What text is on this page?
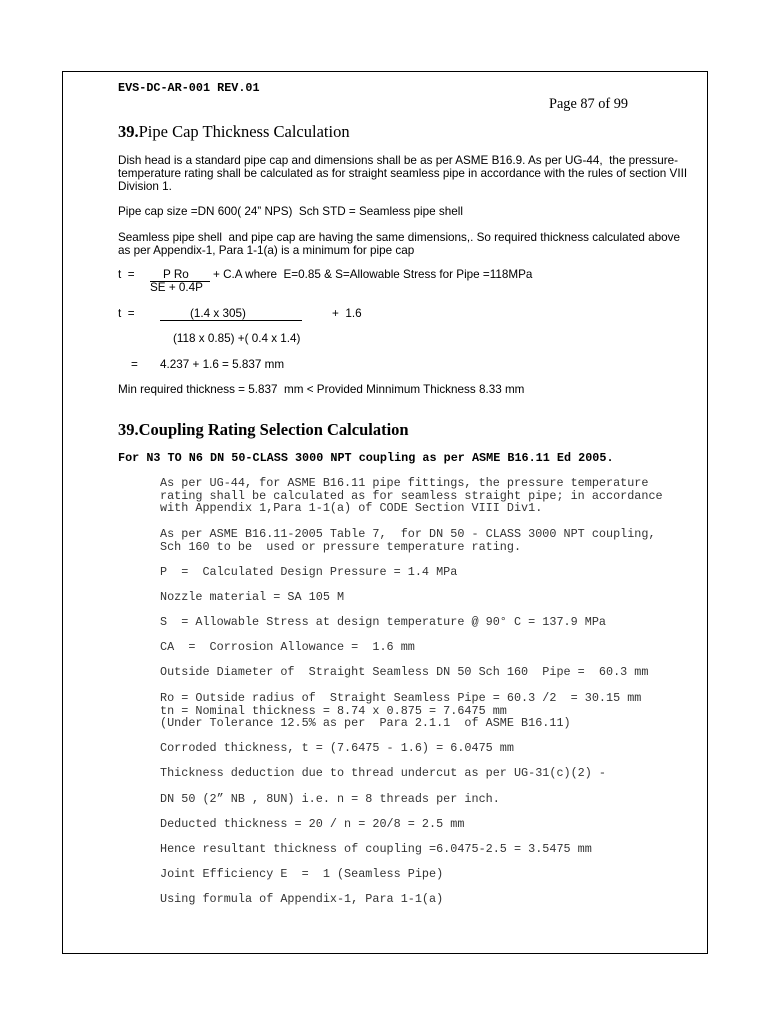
EVS-DC-AR-001 REV.01
Page 87 of 99
39.Pipe Cap Thickness Calculation
Dish head is a standard pipe cap and dimensions shall be as per ASME B16.9. As per UG-44,  the pressure-
temperature rating shall be calculated as for straight seamless pipe in accordance with the rules of section VIII
Division 1.
Pipe cap size =DN 600( 24” NPS)  Sch STD = Seamless pipe shell
Seamless pipe shell  and pipe cap are having the same dimensions,. So required thickness calculated above
as per Appendix-1, Para 1-1(a) is a minimum for pipe cap
t  =	P Ro
SE + 0.4P
+ C.A where  E=0.85 & S=Allowable Stress for Pipe =118MPa
t  =	(1.4 x 305)	+  1.6
(118 x 0.85) +( 0.4 x 1.4)
= 4.237 + 1.6 = 5.837 mm
Min required thickness = 5.837  mm < Provided Minnimum Thickness 8.33 mm
39.Coupling Rating Selection Calculation
For N3 TO N6 DN 50-CLASS 3000 NPT coupling as per ASME B16.11 Ed 2005.
As per UG-44, for ASME B16.11 pipe fittings, the pressure temperature
rating shall be calculated as for seamless straight pipe; in accordance
with Appendix 1,Para 1-1(a) of CODE Section VIII Div1.
As per ASME B16.11-2005 Table 7,  for DN 50 - CLASS 3000 NPT coupling,
Sch 160 to be  used or pressure temperature rating.
P  =  Calculated Design Pressure = 1.4 MPa
Nozzle material = SA 105 M
S  = Allowable Stress at design temperature @ 90° C = 137.9 MPa
CA  =  Corrosion Allowance =  1.6 mm
Outside Diameter of  Straight Seamless DN 50 Sch 160  Pipe =  60.3 mm
Ro = Outside radius of  Straight Seamless Pipe = 60.3 /2  = 30.15 mm
tn = Nominal thickness = 8.74 x 0.875 = 7.6475 mm
(Under Tolerance 12.5% as per  Para 2.1.1  of ASME B16.11)
Corroded thickness, t = (7.6475 - 1.6) = 6.0475 mm
Thickness deduction due to thread undercut as per UG-31(c)(2) -
DN 50 (2” NB , 8UN) i.e. n = 8 threads per inch.
Deducted thickness = 20 / n = 20/8 = 2.5 mm
Hence resultant thickness of coupling =6.0475-2.5 = 3.5475 mm
Joint Efficiency E  =  1 (Seamless Pipe)
Using formula of Appendix-1, Para 1-1(a)
